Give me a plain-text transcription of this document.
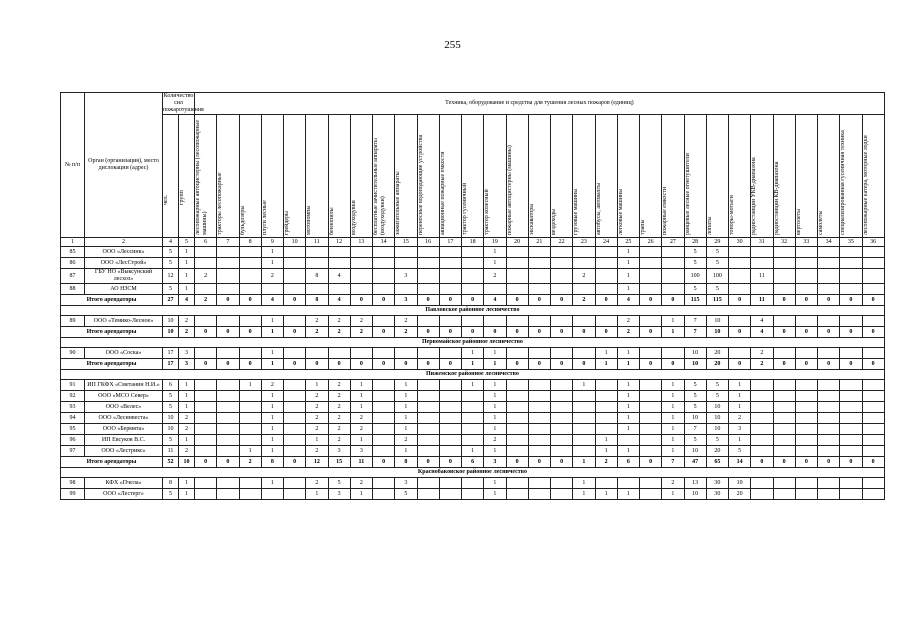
255
№ п/п	Орган (организация), место дислокации (адрес)	Количество сил пожаротушения		Техника, оборудование и средства для тушения лесных пожаров (единиц)																														

		чел.	групп	лесопожарные автоцистерны (лесопожарные машины)	тракторы лесопожарные	бульдозеры	плуги лесные	грейдеры	мотопомпы	бензопилы	воздуходувки	бесплатные зачистительные аппараты (воздуходувки)	зажигательные аппараты	переносные водоподающие устройства	авиационные пожарные емкости	трактор гусеничный	трактор колесный	пожарные автоцистерны (машины)	экскаваторы	вездеходы	грузовые машины	автобусы, автовахты	легковые машины	трапы	пожарные емкости	ранцевые лесные огнетушители	лопаты	топоры-мотыги	радиостанции УКВ-диапазона	радиостанции КВ-диапазона	вертолеты	самолеты	специализированная гусеничная техника	лесопожарные катера, моторные лодки

1	2	4	5	6	7	8	9	10	11	12	13	14	15	16	17	18	19	20	21	22	23	24	25	26	27	28	29	30	31	32	33	34	35	36
85	ООО «Лессинк»	5	1				1										1						1			5	5							
86	ООО «ЛесСтрой»	5	1				1										1						1			5	5							
87	ГБУ НО «Выксунский лесхоз»	12	1	2			2		8	4			3				2				2		1			100	100		11					
88	АО НЗСМ	5	1																				1			5	5							
Итого арендаторы		27	4	2	0	0	4	0	8	4	0	0	3	0	0	0	4	0	0	0	2	0	4	0	0	115	115	0	11	0	0	0	0	0
Павловское районное лесничество																																		
89	ООО «Темико-Лесное»	10	2				1		2	2	2		2										2		1	7	10		4					
Итого арендаторы		10	2	0	0	0	1	0	2	2	2	0	2	0	0	0	0	0	0	0	0	0	2	0	1	7	10	0	4	0	0	0	0	0
Первомайское районное лесничество																																		
90	ООО «Соска»	17	3				1									1	1					1	1			10	20		2					
Итого арендаторы		17	3	0	0	0	1	0	0	0	0	0	0	0	0	1	1	0	0	0	0	1	1	0	0	10	20	0	2	0	0	0	0	0
Пижемское районное лесничество																																		
91	ИП ГКФХ «Сметанин Н.И.»	6	1			1	2		1	2	1		1			1	1				1		1		1	5	5	1						
92	ООО «МСО Север»	5	1				1		2	2	1		1				1						1		1	5	5	1						
93	ООО «Велес»	5	1				1		2	2	1		1				1						1		1	5	10	1						
94	ООО «Лесинвеста»	10	2				1		2	2	2		1				1						1		1	10	10	2						
95	ООО «Бермята»	10	2				1		2	2	2		1				1						1		1	7	10	3						
96	ИП Евсуков В.С.	5	1				1		1	2	1		2				2					1			1	5	5	1						
97	ООО «Лестрикс»	11	2			1	1		2	3	3		1			1	1					1	1		1	10	20	5						
Итого арендаторы		52	10	0	0	2	8	0	12	15	11	0	8	0	0	6	3	0	0	0	1	2	6	0	7	47	65	14	0	0	0	0	0	0
Краснобаковское районное лесничество																																		
98	КФХ «Пчела»	8	1				1		2	5	2		3				1				1				2	13	30	10						
99	ООО «Лестерг»	5	1						1	3	1		5				1				1	1	1		1	10	30	20						
